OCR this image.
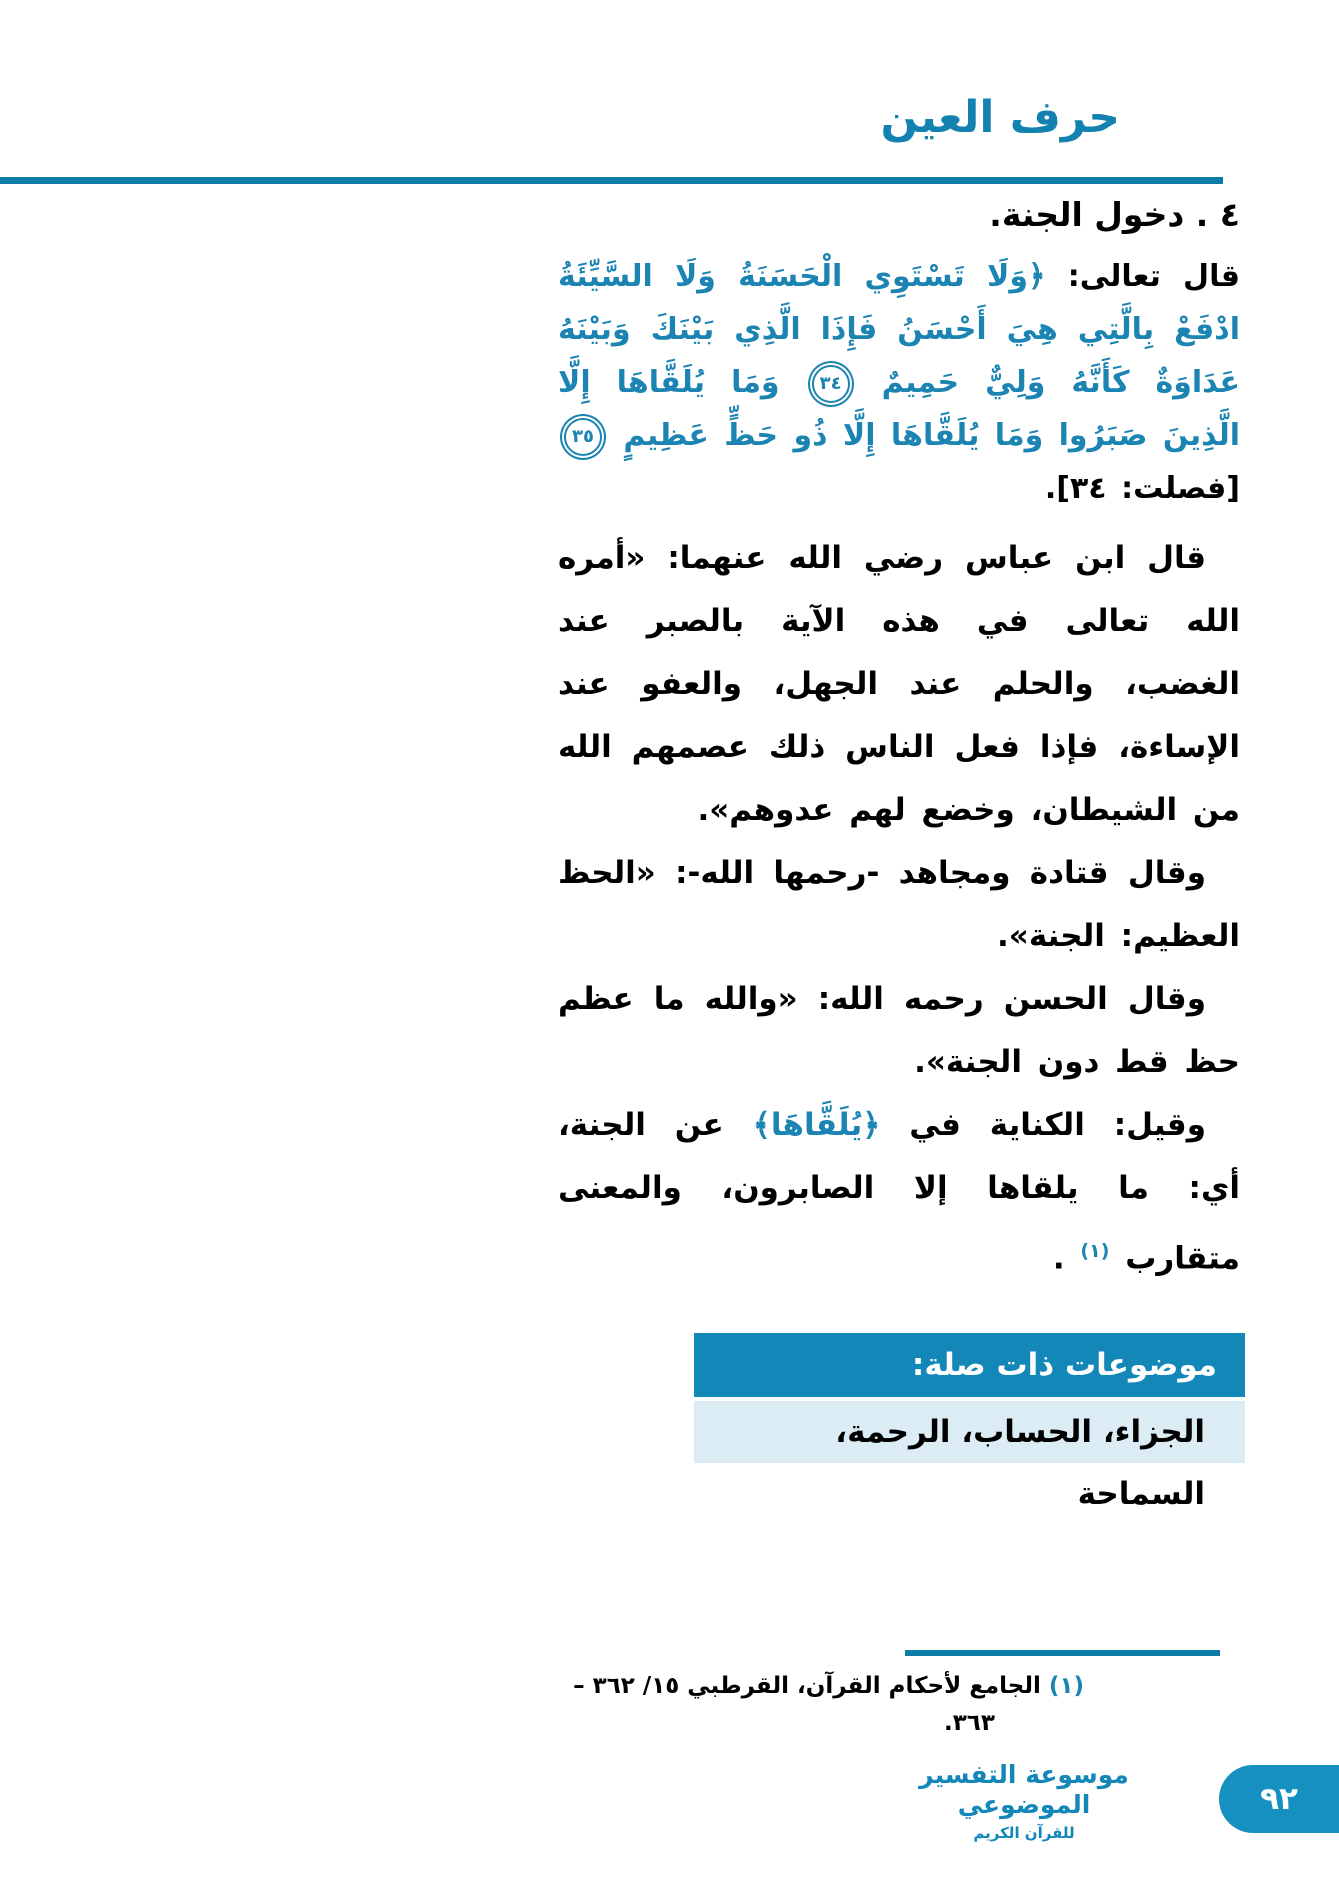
حرف العين
٤ . دخول الجنة.

قال تعالى: ﴿وَلَا تَسْتَوِي الْحَسَنَةُ وَلَا السَّيِّئَةُ ادْفَعْ بِالَّتِي هِيَ أَحْسَنُ فَإِذَا الَّذِي بَيْنَكَ وَبَيْنَهُ عَدَاوَةٌ كَأَنَّهُ وَلِيٌّ حَمِيمٌ ٣٤ وَمَا يُلَقَّاهَا إِلَّا الَّذِينَ صَبَرُوا وَمَا يُلَقَّاهَا إِلَّا ذُو حَظٍّ عَظِيمٍ ٣٥ [فصلت: ٣٤].

قال ابن عباس رضي الله عنهما: «أمره الله تعالى في هذه الآية بالصبر عند الغضب، والحلم عند الجهل، والعفو عند الإساءة، فإذا فعل الناس ذلك عصمهم الله من الشيطان، وخضع لهم عدوهم».

وقال قتادة ومجاهد -رحمها الله-: «الحظ العظيم: الجنة».

وقال الحسن رحمه الله: «والله ما عظم حظ قط دون الجنة».

وقيل: الكناية في ﴿يُلَقَّاهَا﴾ عن الجنة، أي: ما يلقاها إلا الصابرون، والمعنى متقارب $^{(١)}$ .

موضوعات ذات صلة:
الجزاء، الحساب، الرحمة، السماحة
(١) الجامع لأحكام القرآن، القرطبي ١٥/ ٣٦٢ –
٣٦٣.
موسوعة التفسير الموضوعي
للقرآن الكريم
٩٢
